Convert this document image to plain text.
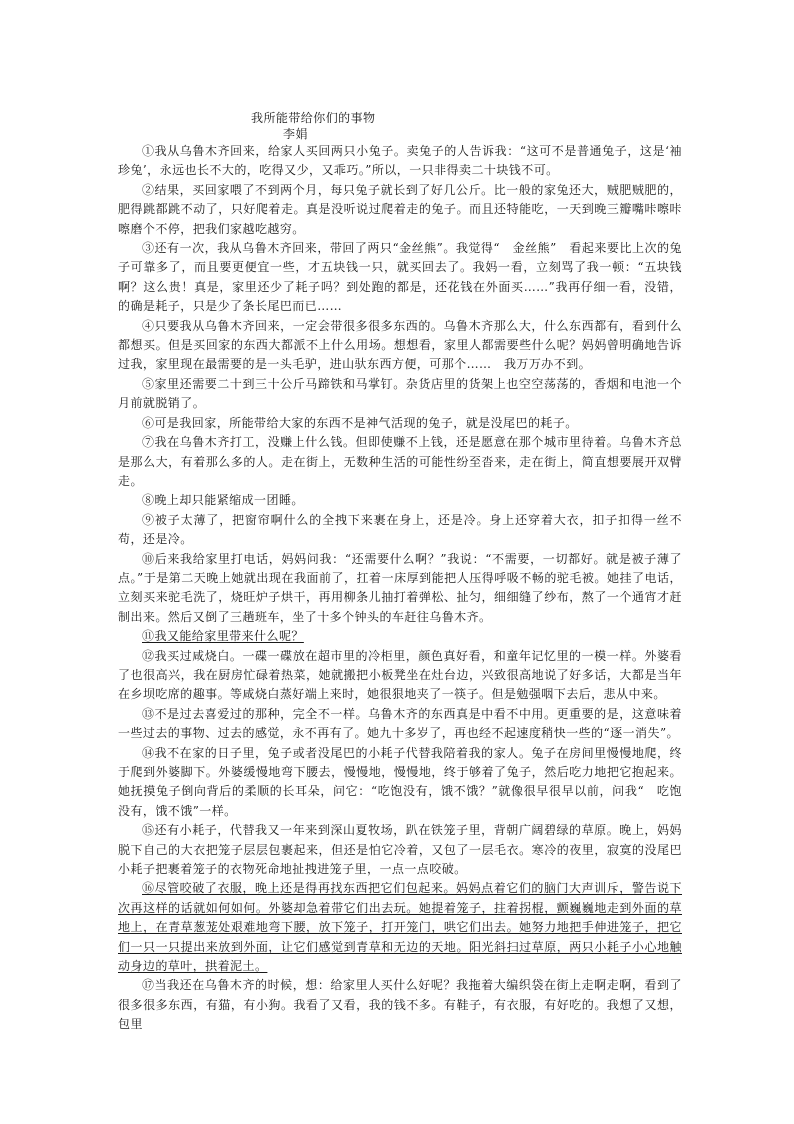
我所能带给你们的事物
李娟

①我从乌鲁木齐回来，给家人买回两只小兔子。卖兔子的人告诉我：“这可不是普通兔子，这是‘袖珍兔’，永远也长不大的，吃得又少，又乖巧。”所以，一只非得卖二十块钱不可。

②结果，买回家喂了不到两个月，每只兔子就长到了好几公斤。比一般的家兔还大，贼肥贼肥的，肥得跳都跳不动了，只好爬着走。真是没听说过爬着走的兔子。而且还特能吃，一天到晚三瓣嘴咔嚓咔嚓磨个不停，把我们家越吃越穷。

③还有一次，我从乌鲁木齐回来，带回了两只“金丝熊”。我觉得“　金丝熊”　看起来要比上次的兔子可靠多了，而且要更便宜一些，才五块钱一只，就买回去了。我妈一看，立刻骂了我一顿：“五块钱啊？这么贵！真是，家里还少了耗子吗？到处跑的都是，还花钱在外面买……”我再仔细一看，没错，的确是耗子，只是少了条长尾巴而已……

④只要我从乌鲁木齐回来，一定会带很多很多东西的。乌鲁木齐那么大，什么东西都有，看到什么都想买。但是买回家的东西大都派不上什么用场。想想看，家里人都需要些什么呢？妈妈曾明确地告诉过我，家里现在最需要的是一头毛驴，进山驮东西方便，可那个……　我万万办不到。

⑤家里还需要二十到三十公斤马蹄铁和马掌钉。杂货店里的货架上也空空荡荡的，香烟和电池一个月前就脱销了。

⑥可是我回家，所能带给大家的东西不是神气活现的兔子，就是没尾巴的耗子。

⑦我在乌鲁木齐打工，没赚上什么钱。但即使赚不上钱，还是愿意在那个城市里待着。乌鲁木齐总是那么大，有着那么多的人。走在街上，无数种生活的可能性纷至沓来，走在街上，简直想要展开双臂走。

⑧晚上却只能紧缩成一团睡。

⑨被子太薄了，把窗帘啊什么的全拽下来裹在身上，还是冷。身上还穿着大衣，扣子扣得一丝不苟，还是冷。

⑩后来我给家里打电话，妈妈问我：“还需要什么啊？”我说：“不需要，一切都好。就是被子薄了点。”于是第二天晚上她就出现在我面前了，扛着一床厚到能把人压得呼吸不畅的驼毛被。她挂了电话，立刻买来驼毛洗了，烧旺炉子烘干，再用柳条儿抽打着弹松、扯匀，细细缝了纱布，熬了一个通宵才赶制出来。然后又倒了三趟班车，坐了十多个钟头的车赶往乌鲁木齐。

⑪我又能给家里带来什么呢？

⑫我买过咸烧白。一碟一碟放在超市里的冷柜里，颜色真好看，和童年记忆里的一模一样。外婆看了也很高兴，我在厨房忙碌着热菜，她就搬把小板凳坐在灶台边，兴致很高地说了好多话，大都是当年在乡坝吃席的趣事。等咸烧白蒸好端上来时，她很狠地夹了一筷子。但是勉强咽下去后，悲从中来。

⑬不是过去喜爱过的那种，完全不一样。乌鲁木齐的东西真是中看不中用。更重要的是，这意味着一些过去的事物、过去的感觉，永不再有了。她九十多岁了，再也经不起速度稍快一些的“逐一消失”。

⑭我不在家的日子里，兔子或者没尾巴的小耗子代替我陪着我的家人。兔子在房间里慢慢地爬，终于爬到外婆脚下。外婆缓慢地弯下腰去，慢慢地，慢慢地，终于够着了兔子，然后吃力地把它抱起来。她抚摸兔子倒向背后的柔顺的长耳朵，问它：“吃饱没有，饿不饿？”就像很早很早以前，问我“　吃饱没有，饿不饿”一样。

⑮还有小耗子，代替我又一年来到深山夏牧场，趴在铁笼子里，背朝广阔碧绿的草原。晚上，妈妈脱下自己的大衣把笼子层层包裹起来，但还是怕它冷着，又包了一层毛衣。寒冷的夜里，寂寞的没尾巴小耗子把裹着笼子的衣物死命地扯拽进笼子里，一点一点咬破。

⑯尽管咬破了衣服，晚上还是得再找东西把它们包起来。妈妈点着它们的脑门大声训斥，警告说下次再这样的话就如何如何。外婆却急着带它们出去玩。她提着笼子，拄着拐棍，颤巍巍地走到外面的草地上，在青草葱茏处艰难地弯下腰，放下笼子，打开笼门，哄它们出去。她努力地把手伸进笼子，把它们一只一只提出来放到外面，让它们感觉到青草和无边的天地。阳光斜扫过草原，两只小耗子小心地触动身边的草叶，拱着泥土。

⑰当我还在乌鲁木齐的时候，想：给家里人买什么好呢？我拖着大编织袋在街上走啊走啊，看到了很多很多东西，有猫，有小狗。我看了又看，我的钱不多。有鞋子，有衣服，有好吃的。我想了又想，包里
